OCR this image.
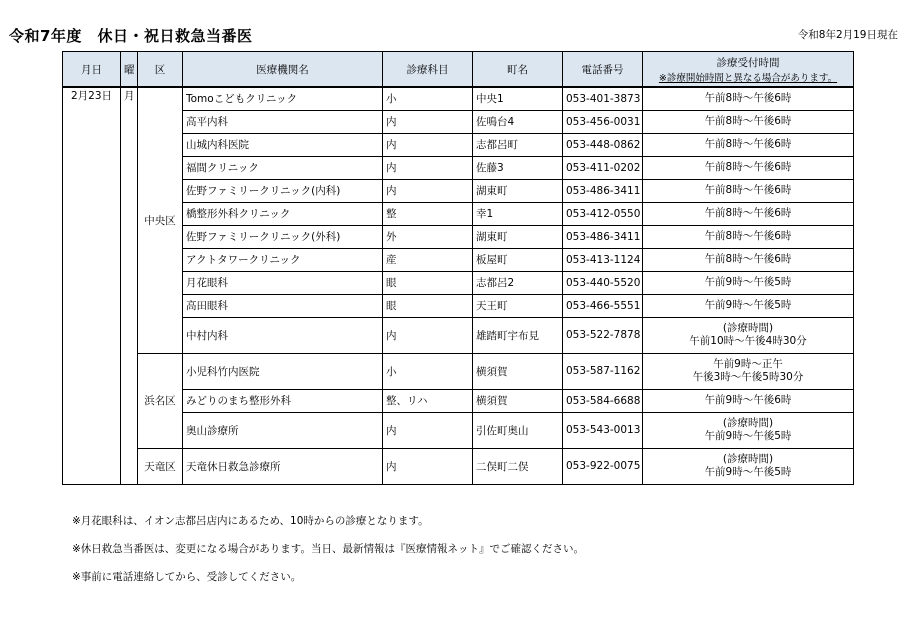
令和7年度　休日・祝日救急当番医	令和8年2月19日現在
月日	曜	区	医療機関名	診療科目	町名	電話番号	診療受付時間
※診療開始時間と異なる場合があります。

2月23日	月	中央区	Tomoこどもクリニック	小	中央1	053-401-3873	午前8時～午後6時

			高平内科	内	佐鳴台4	053-456-0031	午前8時～午後6時

			山城内科医院	内	志都呂町	053-448-0862	午前8時～午後6時

			福間クリニック	内	佐藤3	053-411-0202	午前8時～午後6時

			佐野ファミリークリニック(内科)	内	湖東町	053-486-3411	午前8時～午後6時

			橋整形外科クリニック	整	幸1	053-412-0550	午前8時～午後6時

			佐野ファミリークリニック(外科)	外	湖東町	053-486-3411	午前8時～午後6時

			アクトタワークリニック	産	板屋町	053-413-1124	午前8時～午後6時

			月花眼科	眼	志都呂2	053-440-5520	午前9時～午後5時

			高田眼科	眼	天王町	053-466-5551	午前9時～午後5時

			中村内科	内	雄踏町宇布見	053-522-7878	(診療時間)
午前10時～午後4時30分

		浜名区	小児科竹内医院	小	横須賀	053-587-1162	午前9時～正午
午後3時～午後5時30分

			みどりのまち整形外科	整、リハ	横須賀	053-584-6688	午前9時～午後6時

			奥山診療所	内	引佐町奥山	053-543-0013	(診療時間)
午前9時～午後5時

		天竜区	天竜休日救急診療所	内	二俣町二俣	053-922-0075	(診療時間)
午前9時～午後5時

※月花眼科は、イオン志都呂店内にあるため、10時からの診療となります。

※休日救急当番医は、変更になる場合があります。当日、最新情報は『医療情報ネット』でご確認ください。

※事前に電話連絡してから、受診してください。
